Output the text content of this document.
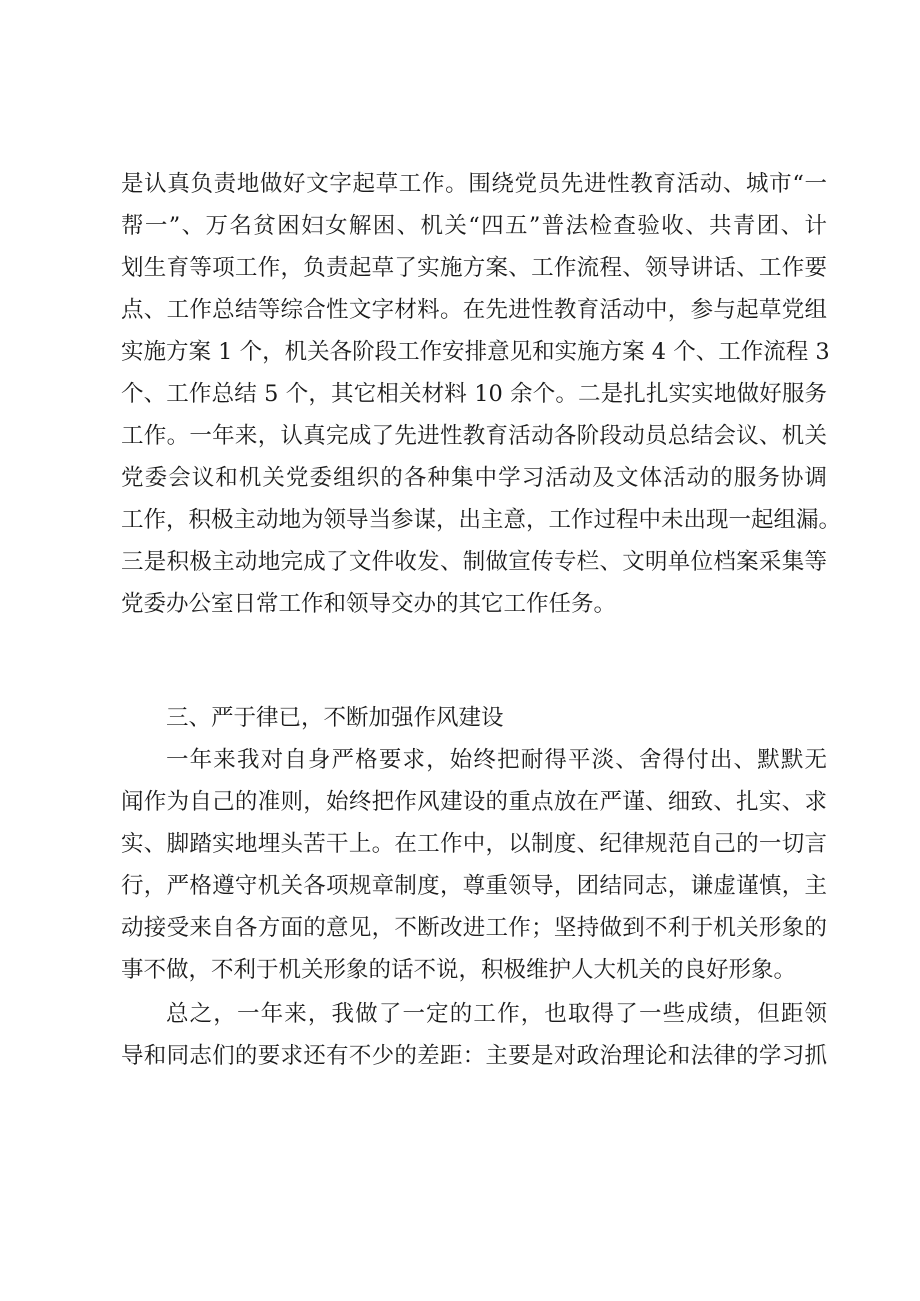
是认真负责地做好文字起草工作。围绕党员先进性教育活动、城市“一
帮一”、万名贫困妇女解困、机关“四五”普法检查验收、共青团、计
划生育等项工作，负责起草了实施方案、工作流程、领导讲话、工作要
点、工作总结等综合性文字材料。在先进性教育活动中，参与起草党组
实施方案 1 个，机关各阶段工作安排意见和实施方案 4 个、工作流程 3
个、工作总结 5 个，其它相关材料 10 余个。二是扎扎实实地做好服务
工作。一年来，认真完成了先进性教育活动各阶段动员总结会议、机关
党委会议和机关党委组织的各种集中学习活动及文体活动的服务协调
工作，积极主动地为领导当参谋，出主意，工作过程中未出现一起组漏。
三是积极主动地完成了文件收发、制做宣传专栏、文明单位档案采集等
党委办公室日常工作和领导交办的其它工作任务。
三、严于律已，不断加强作风建设
一年来我对自身严格要求，始终把耐得平淡、舍得付出、默默无
闻作为自己的准则，始终把作风建设的重点放在严谨、细致、扎实、求
实、脚踏实地埋头苦干上。在工作中，以制度、纪律规范自己的一切言
行，严格遵守机关各项规章制度，尊重领导，团结同志，谦虚谨慎，主
动接受来自各方面的意见，不断改进工作；坚持做到不利于机关形象的
事不做，不利于机关形象的话不说，积极维护人大机关的良好形象。
总之，一年来，我做了一定的工作，也取得了一些成绩，但距领
导和同志们的要求还有不少的差距：主要是对政治理论和法律的学习抓
